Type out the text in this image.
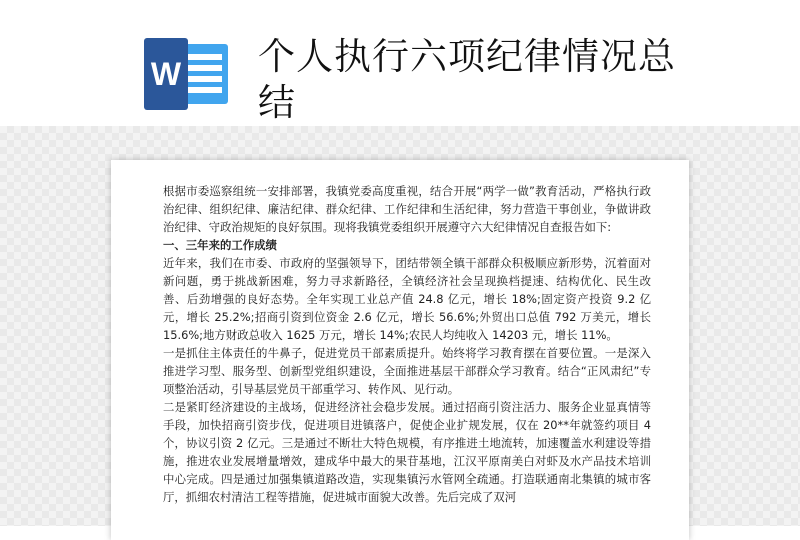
W 个人执行六项纪律情况总结

根据市委巡察组统一安排部署，我镇党委高度重视，结合开展“两学一做”教育活动，严格执行政治纪律、组织纪律、廉洁纪律、群众纪律、工作纪律和生活纪律，努力营造干事创业，争做讲政治纪律、守政治规矩的良好氛围。现将我镇党委组织开展遵守六大纪律情况自查报告如下:

一、三年来的工作成绩

近年来，我们在市委、市政府的坚强领导下，团结带领全镇干部群众积极顺应新形势，沉着面对新问题，勇于挑战新困难，努力寻求新路径，全镇经济社会呈现换档提速、结构优化、民生改善、后劲增强的良好态势。全年实现工业总产值 24.8 亿元，增长 18%;固定资产投资 9.2 亿元，增长 25.2%;招商引资到位资金 2.6 亿元，增长 56.6%;外贸出口总值 792 万美元，增长 15.6%;地方财政总收入 1625 万元，增长 14%;农民人均纯收入 14203 元，增长 11%。

一是抓住主体责任的牛鼻子，促进党员干部素质提升。始终将学习教育摆在首要位置。一是深入推进学习型、服务型、创新型党组织建设，全面推进基层干部群众学习教育。结合“正风肃纪”专项整治活动，引导基层党员干部重学习、转作风、见行动。

二是紧盯经济建设的主战场，促进经济社会稳步发展。通过招商引资注活力、服务企业显真情等手段，加快招商引资步伐，促进项目进镇落户，促使企业扩规发展，仅在 20**年就签约项目 4 个，协议引资 2 亿元。三是通过不断壮大特色规模，有序推进土地流转，加速覆盖水利建设等措施，推进农业发展增量增效，建成华中最大的果苷基地，江汉平原南美白对虾及水产品技术培训中心完成。四是通过加强集镇道路改造，实现集镇污水管网全疏通。打造联通南北集镇的城市客厅，抓细农村清洁工程等措施，促进城市面貌大改善。先后完成了双河
